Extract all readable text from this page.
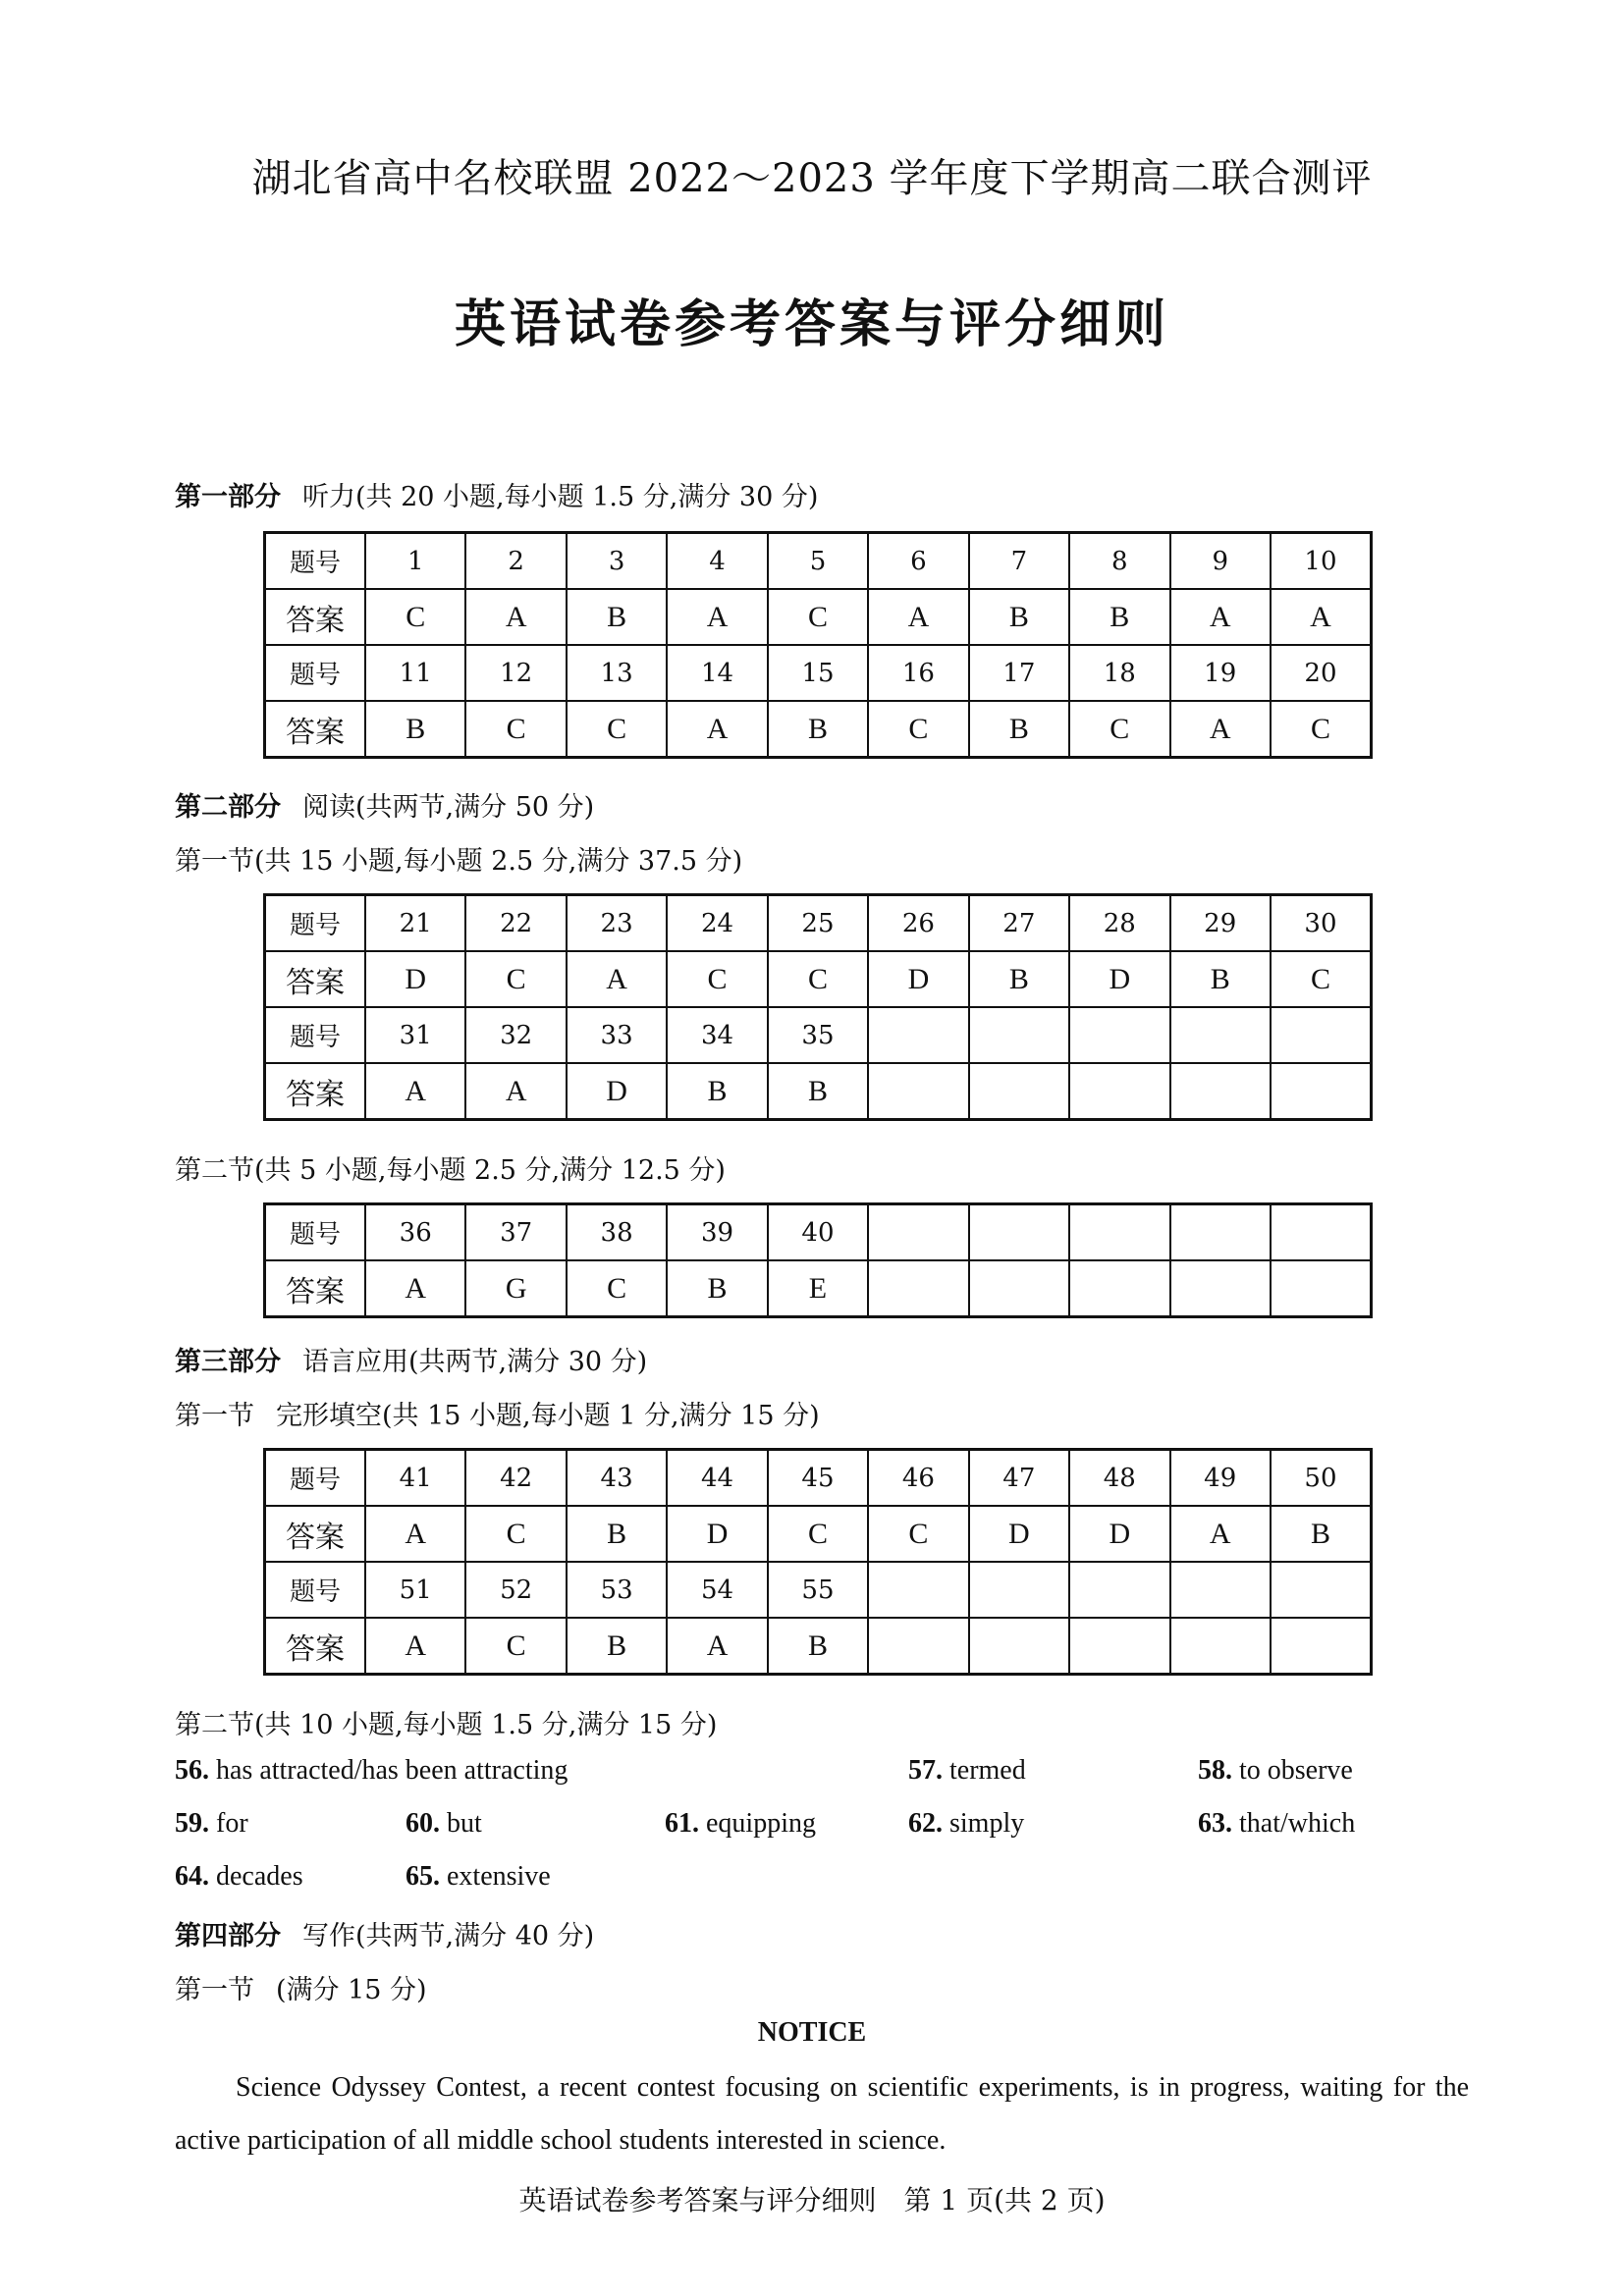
湖北省高中名校联盟 2022～2023 学年度下学期高二联合测评
英语试卷参考答案与评分细则
第一部分 听力(共 20 小题,每小题 1.5 分,满分 30 分)
题号	1	2	3	4	5	6	7	8	9	10
答案	C	A	B	A	C	A	B	B	A	A
题号	11	12	13	14	15	16	17	18	19	20
答案	B	C	C	A	B	C	B	C	A	C
第二部分 阅读(共两节,满分 50 分)
第一节(共 15 小题,每小题 2.5 分,满分 37.5 分)
题号	21	22	23	24	25	26	27	28	29	30
答案	D	C	A	C	C	D	B	D	B	C
题号	31	32	33	34	35					
答案	A	A	D	B	B					
第二节(共 5 小题,每小题 2.5 分,满分 12.5 分)
题号	36	37	38	39	40					
答案	A	G	C	B	E					
第三部分 语言应用(共两节,满分 30 分)
第一节 完形填空(共 15 小题,每小题 1 分,满分 15 分)
题号	41	42	43	44	45	46	47	48	49	50
答案	A	C	B	D	C	C	D	D	A	B
题号	51	52	53	54	55					
答案	A	C	B	A	B					
第二节(共 10 小题,每小题 1.5 分,满分 15 分)
56. has attracted/has been attracting	57. termed	58. to observe
59. for	60. but	61. equipping	62. simply	63. that/which
64. decades	65. extensive
第四部分 写作(共两节,满分 40 分)
第一节 (满分 15 分)
NOTICE

Science Odyssey Contest, a recent contest focusing on scientific experiments, is in progress, waiting for the active participation of all middle school students interested in science.

英语试卷参考答案与评分细则　第 1 页(共 2 页)
